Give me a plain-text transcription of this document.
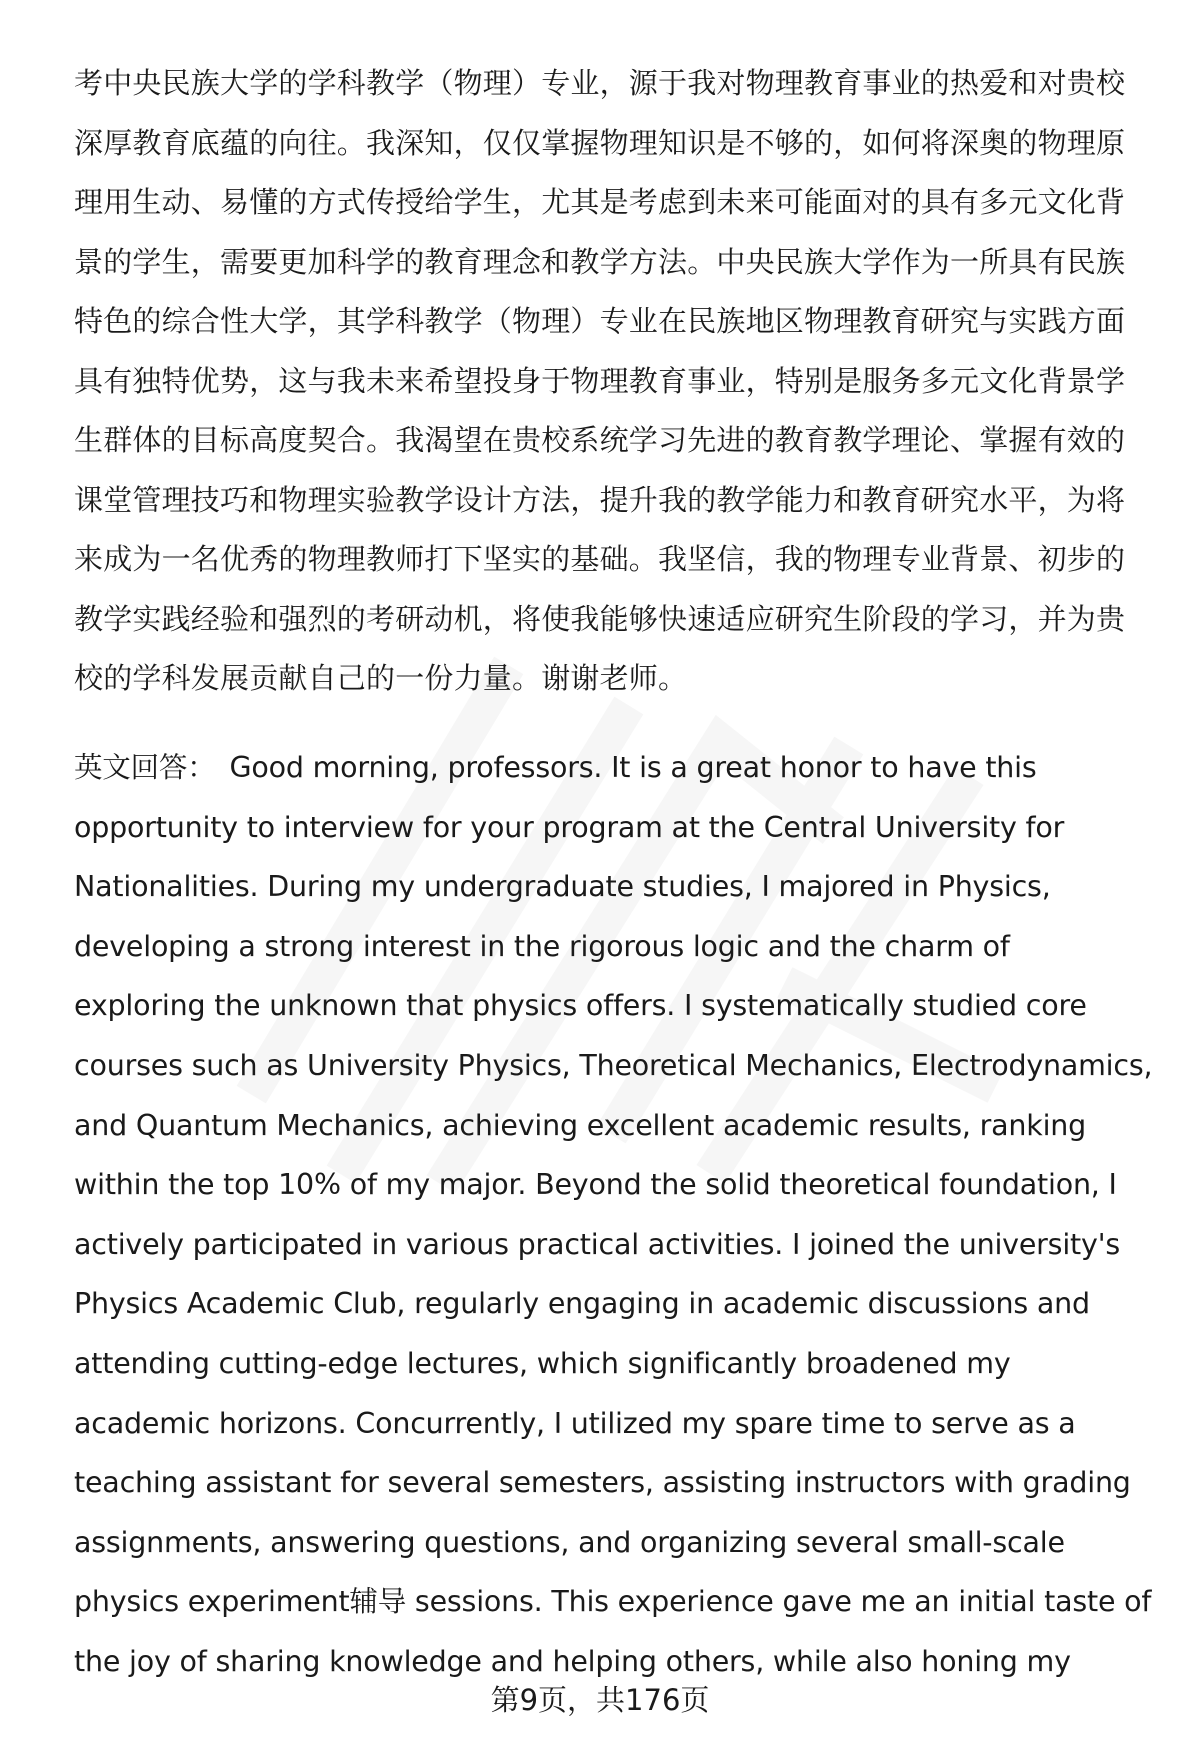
考中央民族大学的学科教学（物理）专业，源于我对物理教育事业的热爱和对贵校
深厚教育底蕴的向往。我深知，仅仅掌握物理知识是不够的，如何将深奥的物理原
理用生动、易懂的方式传授给学生，尤其是考虑到未来可能面对的具有多元文化背
景的学生，需要更加科学的教育理念和教学方法。中央民族大学作为一所具有民族
特色的综合性大学，其学科教学（物理）专业在民族地区物理教育研究与实践方面
具有独特优势，这与我未来希望投身于物理教育事业，特别是服务多元文化背景学
生群体的目标高度契合。我渴望在贵校系统学习先进的教育教学理论、掌握有效的
课堂管理技巧和物理实验教学设计方法，提升我的教学能力和教育研究水平，为将
来成为一名优秀的物理教师打下坚实的基础。我坚信，我的物理专业背景、初步的
教学实践经验和强烈的考研动机，将使我能够快速适应研究生阶段的学习，并为贵
校的学科发展贡献自己的一份力量。谢谢老师。
英文回答： Good morning, professors. It is a great honor to have this
opportunity to interview for your program at the Central University for
Nationalities. During my undergraduate studies, I majored in Physics,
developing a strong interest in the rigorous logic and the charm of
exploring the unknown that physics offers. I systematically studied core
courses such as University Physics, Theoretical Mechanics, Electrodynamics,
and Quantum Mechanics, achieving excellent academic results, ranking
within the top 10% of my major. Beyond the solid theoretical foundation, I
actively participated in various practical activities. I joined the university's
Physics Academic Club, regularly engaging in academic discussions and
attending cutting-edge lectures, which significantly broadened my
academic horizons. Concurrently, I utilized my spare time to serve as a
teaching assistant for several semesters, assisting instructors with grading
assignments, answering questions, and organizing several small-scale
physics experiment辅导 sessions. This experience gave me an initial taste of
the joy of sharing knowledge and helping others, while also honing my
第9页，共176页
